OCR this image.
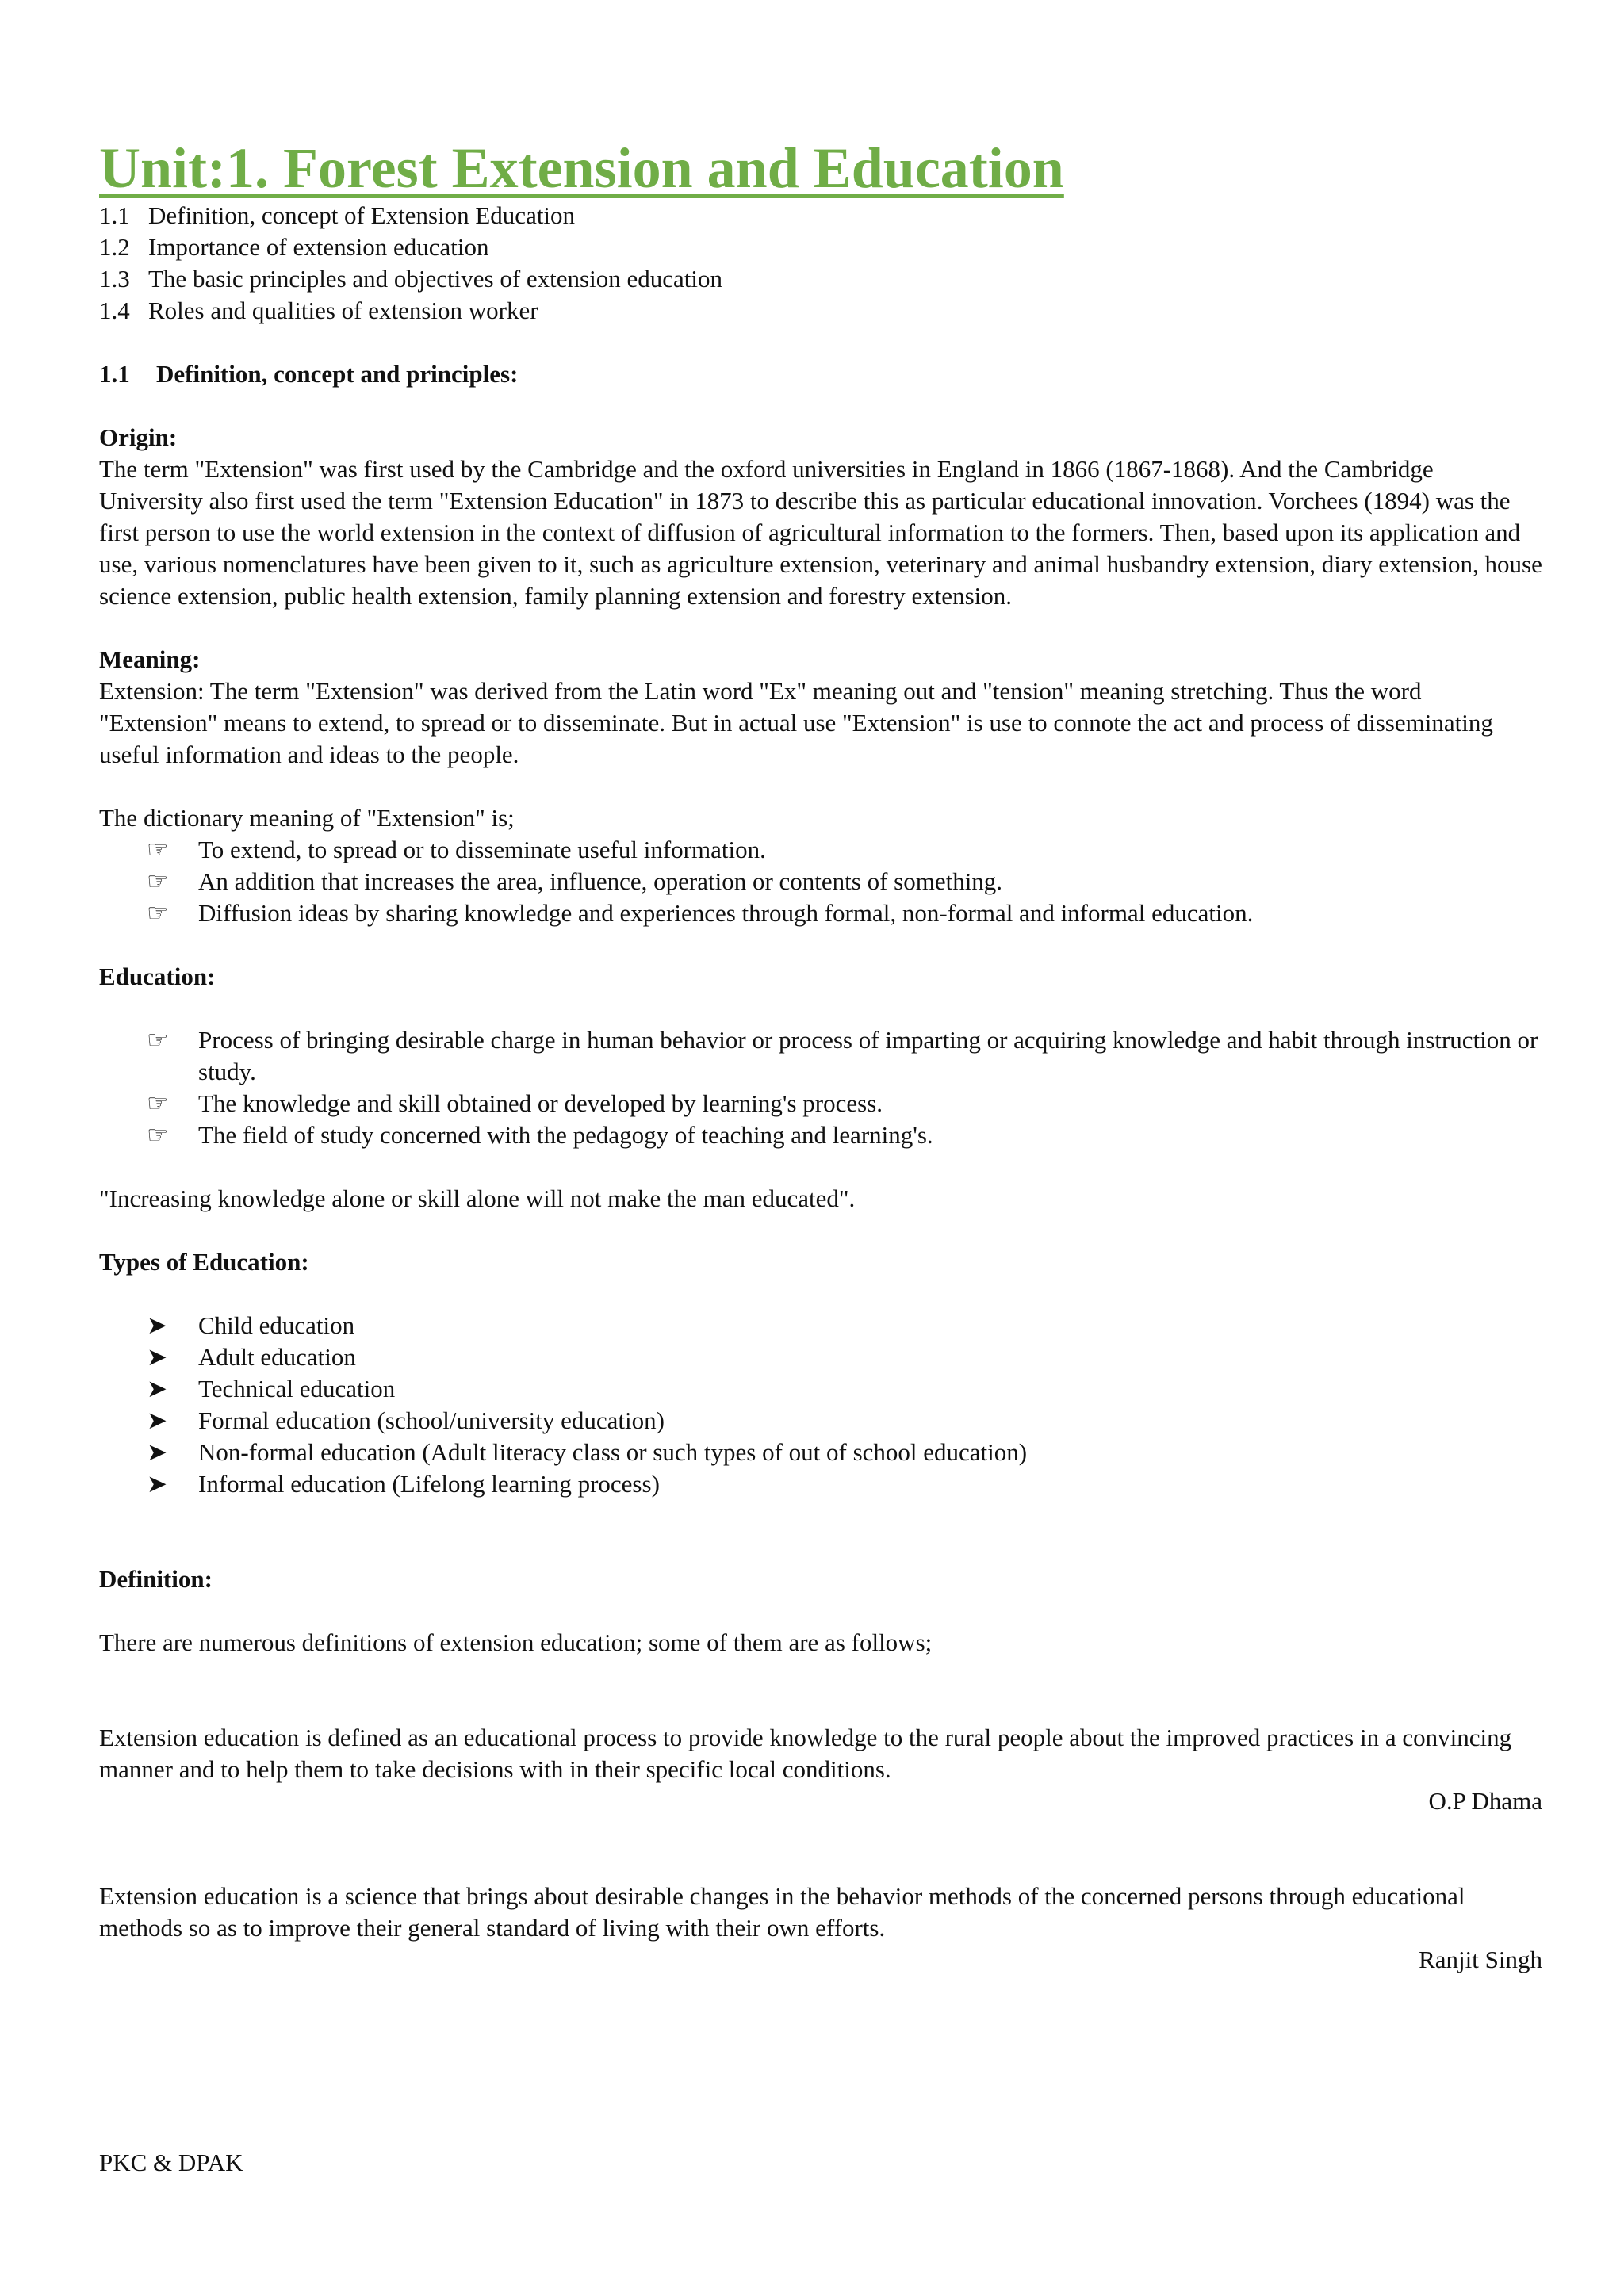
Unit:1. Forest Extension and Education

1.1 Definition, concept of Extension Education

1.2 Importance of extension education

1.3 The basic principles and objectives of extension education

1.4 Roles and qualities of extension worker

1.1 Definition, concept and principles:

Origin:

The term "Extension" was first used by the Cambridge and the oxford universities in England in 1866 (1867-1868). And the Cambridge University also first used the term "Extension Education" in 1873 to describe this as particular educational innovation. Vorchees (1894) was the first person to use the world extension in the context of diffusion of agricultural information to the formers. Then, based upon its application and use, various nomenclatures have been given to it, such as agriculture extension, veterinary and animal husbandry extension, diary extension, house science extension, public health extension, family planning extension and forestry extension.

Meaning:

Extension: The term "Extension" was derived from the Latin word "Ex" meaning out and "tension" meaning stretching. Thus the word "Extension" means to extend, to spread or to disseminate. But in actual use "Extension" is use to connote the act and process of disseminating useful information and ideas to the people.

The dictionary meaning of "Extension" is;

☞	To extend, to spread or to disseminate useful information.
☞	An addition that increases the area, influence, operation or contents of something.
☞	Diffusion ideas by sharing knowledge and experiences through formal, non-formal and informal education.

Education:

☞	Process of bringing desirable charge in human behavior or process of imparting or acquiring knowledge and habit through instruction or study.
☞	The knowledge and skill obtained or developed by learning's process.
☞	The field of study concerned with the pedagogy of teaching and learning's.

"Increasing knowledge alone or skill alone will not make the man educated".

Types of Education:

➤	Child education
➤	Adult education
➤	Technical education
➤	Formal education (school/university education)
➤	Non-formal education (Adult literacy class or such types of out of school education)
➤	Informal education (Lifelong learning process)

Definition:

There are numerous definitions of extension education; some of them are as follows;

Extension education is defined as an educational process to provide knowledge to the rural people about the improved practices in a convincing manner and to help them to take decisions with in their specific local conditions.

O.P Dhama

Extension education is a science that brings about desirable changes in the behavior methods of the concerned persons through educational methods so as to improve their general standard of living with their own efforts.

Ranjit Singh

PKC & DPAK
